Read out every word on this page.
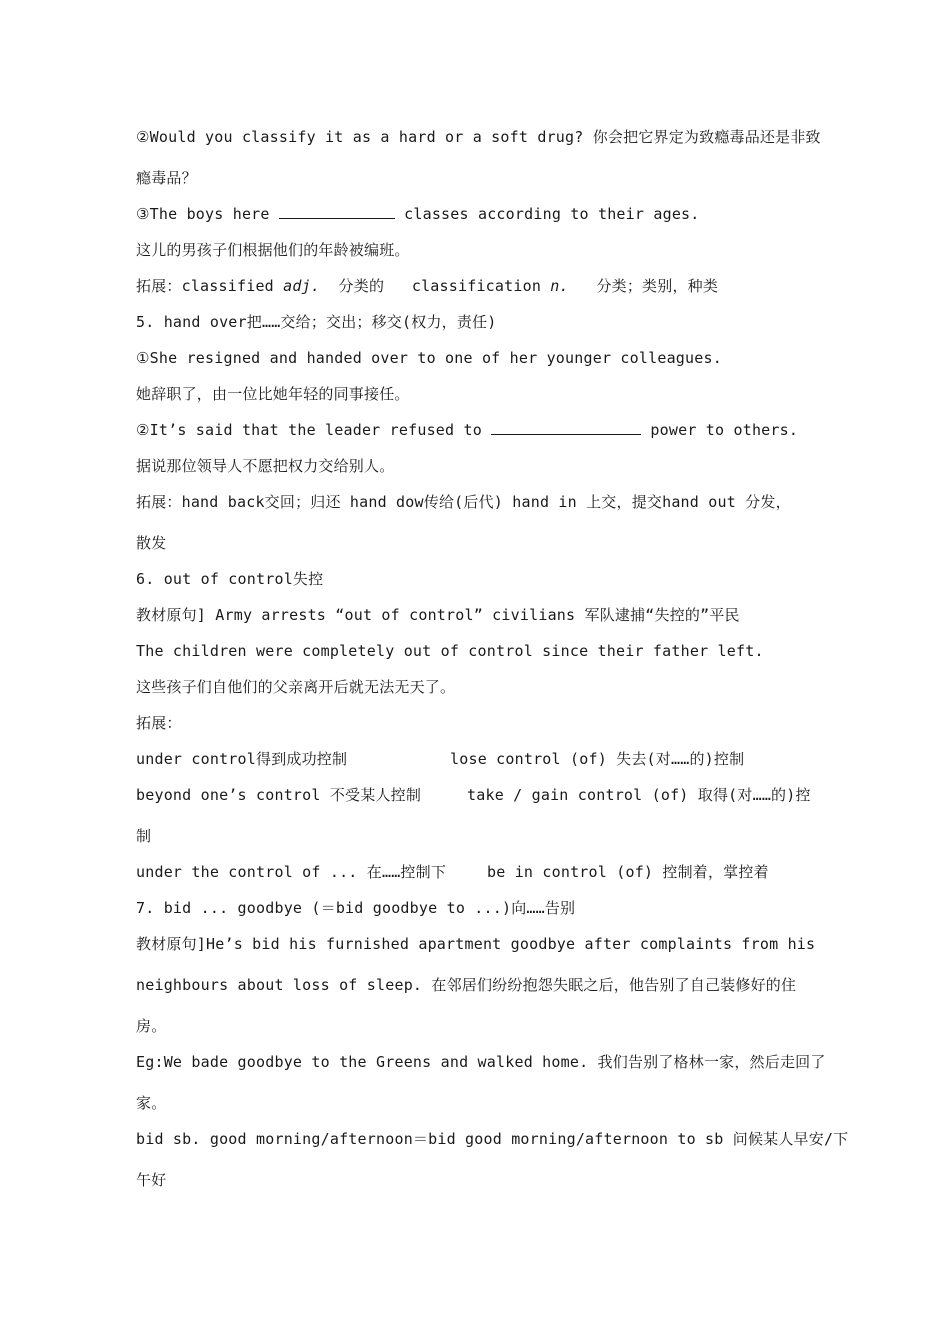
②Would you classify it as a hard or a soft drug? 你会把它界定为致瘾毒品还是非致
瘾毒品？
③The boys here	classes according to their ages.
这儿的男孩子们根据他们的年龄被编班。
拓展：classified adj.  分类的   classification n.   分类；类别，种类
5. hand over把……交给；交出；移交(权力，责任)
①She resigned and handed over to one of her younger colleagues.
她辞职了，由一位比她年轻的同事接任。
②It’s said that the leader refused to	power to others.
据说那位领导人不愿把权力交给别人。
拓展：hand back交回；归还 hand dow传给(后代) hand in 上交，提交hand out 分发，
散发
6. out of control失控
教材原句] Army arrests “out of control” civilians 军队逮捕“失控的”平民
The children were completely out of control since their father left.
这些孩子们自他们的父亲离开后就无法无天了。
拓展：
under control得到成功控制	lose control (of) 失去(对……的)控制
beyond one’s control 不受某人控制	take / gain control (of) 取得(对……的)控
制
under the control of ... 在……控制下	be in control (of) 控制着，掌控着
7. bid ... goodbye (＝bid goodbye to ...)向……告别
教材原句]He’s bid his furnished apartment goodbye after complaints from his
neighbours about loss of sleep. 在邻居们纷纷抱怨失眠之后，他告别了自己装修好的住
房。
Eg:We bade goodbye to the Greens and walked home. 我们告别了格林一家，然后走回了
家。
bid sb. good morning/afternoon＝bid good morning/afternoon to sb 问候某人早安/下
午好
